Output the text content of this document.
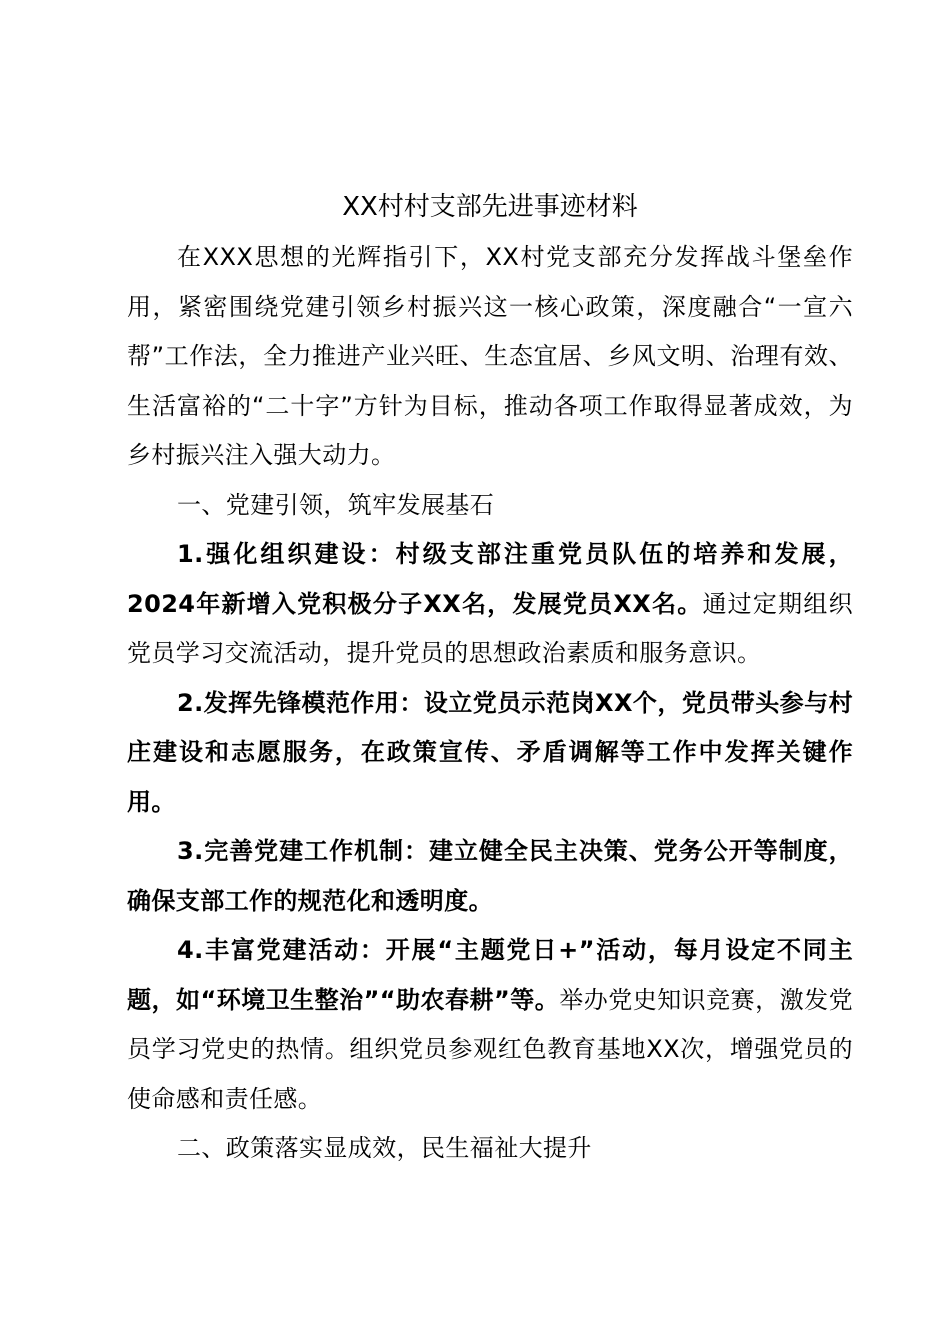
XX村村支部先进事迹材料

在XXX思想的光辉指引下，XX村党支部充分发挥战斗堡垒作用，紧密围绕党建引领乡村振兴这一核心政策，深度融合“一宣六帮”工作法，全力推进产业兴旺、生态宜居、乡风文明、治理有效、生活富裕的“二十字”方针为目标，推动各项工作取得显著成效，为乡村振兴注入强大动力。

一、党建引领，筑牢发展基石

1.强化组织建设：村级支部注重党员队伍的培养和发展，2024年新增入党积极分子XX名，发展党员XX名。通过定期组织党员学习交流活动，提升党员的思想政治素质和服务意识。

2.发挥先锋模范作用：设立党员示范岗XX个，党员带头参与村庄建设和志愿服务，在政策宣传、矛盾调解等工作中发挥关键作用。

3.完善党建工作机制：建立健全民主决策、党务公开等制度，确保支部工作的规范化和透明度。

4.丰富党建活动：开展“主题党日+”活动，每月设定不同主题，如“环境卫生整治”“助农春耕”等。举办党史知识竞赛，激发党员学习党史的热情。组织党员参观红色教育基地XX次，增强党员的使命感和责任感。

二、政策落实显成效，民生福祉大提升
